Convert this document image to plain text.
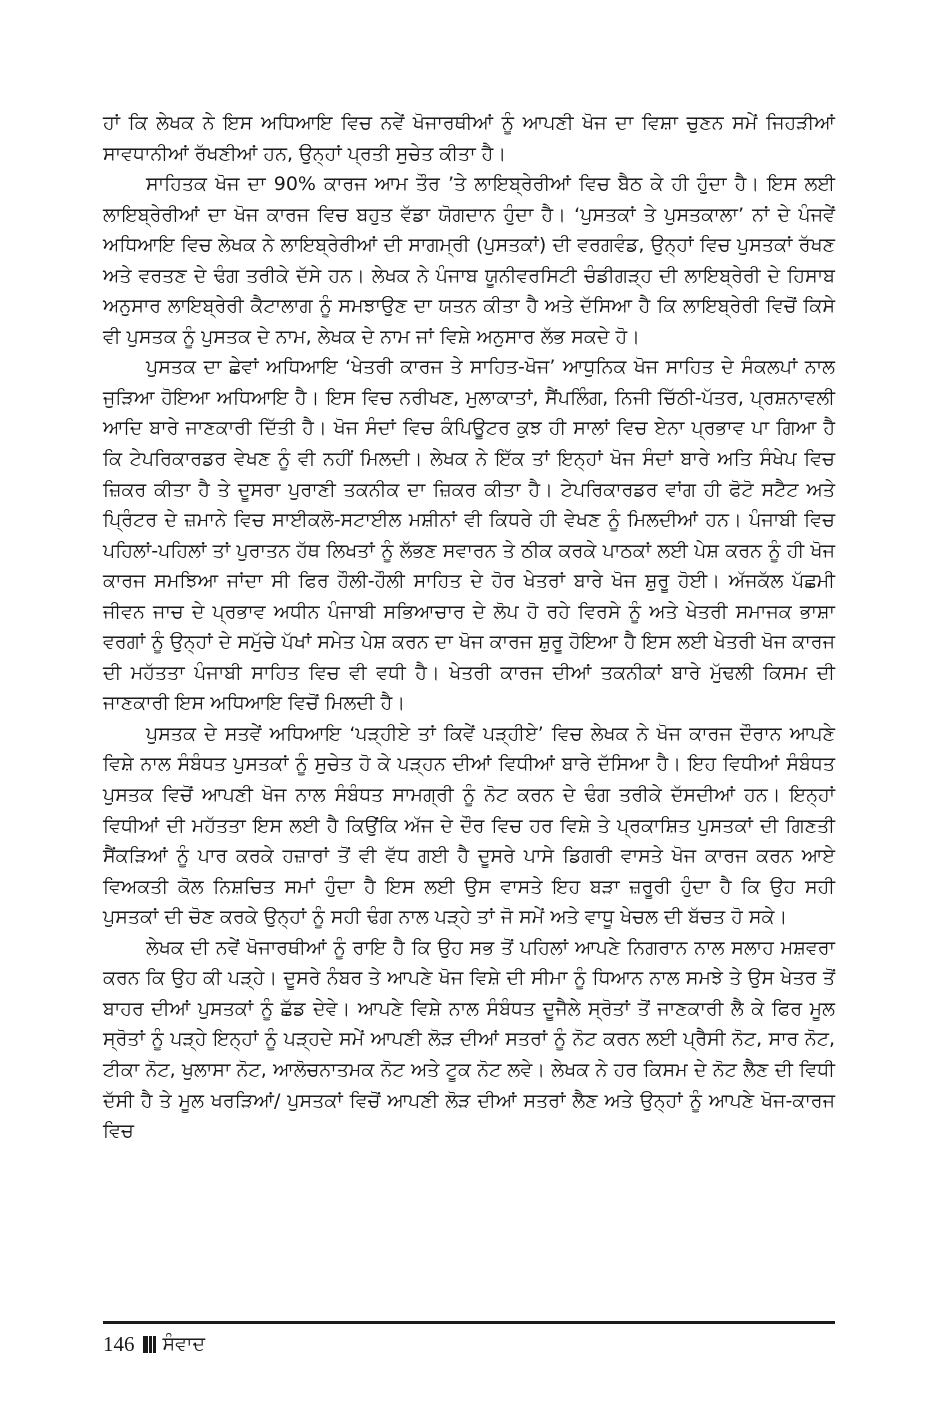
ਹਾਂ ਕਿ ਲੇਖਕ ਨੇ ਇਸ ਅਧਿਆਇ ਵਿਚ ਨਵੇਂ ਖੋਜਾਰਥੀਆਂ ਨੂੰ ਆਪਣੀ ਖੋਜ ਦਾ ਵਿਸ਼ਾ ਚੁਣਨ ਸਮੇਂ ਜਿਹੜੀਆਂ ਸਾਵਧਾਨੀਆਂ ਰੱਖਣੀਆਂ ਹਨ, ਉਨ੍ਹਾਂ ਪ੍ਰਤੀ ਸੁਚੇਤ ਕੀਤਾ ਹੈ।

ਸਾਹਿਤਕ ਖੋਜ ਦਾ 90% ਕਾਰਜ ਆਮ ਤੌਰ ’ਤੇ ਲਾਇਬ੍ਰੇਰੀਆਂ ਵਿਚ ਬੈਠ ਕੇ ਹੀ ਹੁੰਦਾ ਹੈ। ਇਸ ਲਈ ਲਾਇਬ੍ਰੇਰੀਆਂ ਦਾ ਖੋਜ ਕਾਰਜ ਵਿਚ ਬਹੁਤ ਵੱਡਾ ਯੋਗਦਾਨ ਹੁੰਦਾ ਹੈ। ‘ਪੁਸਤਕਾਂ ਤੇ ਪੁਸਤਕਾਲਾ’ ਨਾਂ ਦੇ ਪੰਜਵੇਂ ਅਧਿਆਇ ਵਿਚ ਲੇਖਕ ਨੇ ਲਾਇਬ੍ਰੇਰੀਆਂ ਦੀ ਸਾਗਮ੍ਰੀ (ਪੁਸਤਕਾਂ) ਦੀ ਵਰਗਵੰਡ, ਉਨ੍ਹਾਂ ਵਿਚ ਪੁਸਤਕਾਂ ਰੱਖਣ ਅਤੇ ਵਰਤਣ ਦੇ ਢੰਗ ਤਰੀਕੇ ਦੱਸੇ ਹਨ। ਲੇਖਕ ਨੇ ਪੰਜਾਬ ਯੂਨੀਵਰਸਿਟੀ ਚੰਡੀਗੜ੍ਹ ਦੀ ਲਾਇਬ੍ਰੇਰੀ ਦੇ ਹਿਸਾਬ ਅਨੁਸਾਰ ਲਾਇਬ੍ਰੇਰੀ ਕੈਟਾਲਾਗ ਨੂੰ ਸਮਝਾਉਣ ਦਾ ਯਤਨ ਕੀਤਾ ਹੈ ਅਤੇ ਦੱਸਿਆ ਹੈ ਕਿ ਲਾਇਬ੍ਰੇਰੀ ਵਿਚੋਂ ਕਿਸੇ ਵੀ ਪੁਸਤਕ ਨੂੰ ਪੁਸਤਕ ਦੇ ਨਾਮ, ਲੇਖਕ ਦੇ ਨਾਮ ਜਾਂ ਵਿਸ਼ੇ ਅਨੁਸਾਰ ਲੱਭ ਸਕਦੇ ਹੋ।

ਪੁਸਤਕ ਦਾ ਛੇਵਾਂ ਅਧਿਆਇ ‘ਖੇਤਰੀ ਕਾਰਜ ਤੇ ਸਾਹਿਤ-ਖੋਜ’ ਆਧੁਨਿਕ ਖੋਜ ਸਾਹਿਤ ਦੇ ਸੰਕਲਪਾਂ ਨਾਲ ਜੁੜਿਆ ਹੋਇਆ ਅਧਿਆਇ ਹੈ। ਇਸ ਵਿਚ ਨਰੀਖਣ, ਮੁਲਾਕਾਤਾਂ, ਸੈਂਪਲਿੰਗ, ਨਿਜੀ ਚਿੱਠੀ-ਪੱਤਰ, ਪ੍ਰਸ਼ਨਾਵਲੀ ਆਦਿ ਬਾਰੇ ਜਾਣਕਾਰੀ ਦਿੱਤੀ ਹੈ। ਖੋਜ ਸੰਦਾਂ ਵਿਚ ਕੰਪਿਊਟਰ ਕੁਝ ਹੀ ਸਾਲਾਂ ਵਿਚ ਏਨਾ ਪ੍ਰਭਾਵ ਪਾ ਗਿਆ ਹੈ ਕਿ ਟੇਪਰਿਕਾਰਡਰ ਵੇਖਣ ਨੂੰ ਵੀ ਨਹੀਂ ਮਿਲਦੀ। ਲੇਖਕ ਨੇ ਇੱਕ ਤਾਂ ਇਨ੍ਹਾਂ ਖੋਜ ਸੰਦਾਂ ਬਾਰੇ ਅਤਿ ਸੰਖੇਪ ਵਿਚ ਜ਼ਿਕਰ ਕੀਤਾ ਹੈ ਤੇ ਦੂਸਰਾ ਪੁਰਾਣੀ ਤਕਨੀਕ ਦਾ ਜ਼ਿਕਰ ਕੀਤਾ ਹੈ। ਟੇਪਰਿਕਾਰਡਰ ਵਾਂਗ ਹੀ ਫੋਟੋ ਸਟੈਟ ਅਤੇ ਪ੍ਰਿੰਟਰ ਦੇ ਜ਼ਮਾਨੇ ਵਿਚ ਸਾਈਕਲੋ-ਸਟਾਈਲ ਮਸ਼ੀਨਾਂ ਵੀ ਕਿਧਰੇ ਹੀ ਵੇਖਣ ਨੂੰ ਮਿਲਦੀਆਂ ਹਨ। ਪੰਜਾਬੀ ਵਿਚ ਪਹਿਲਾਂ-ਪਹਿਲਾਂ ਤਾਂ ਪੁਰਾਤਨ ਹੱਥ ਲਿਖਤਾਂ ਨੂੰ ਲੱਭਣ ਸਵਾਰਨ ਤੇ ਠੀਕ ਕਰਕੇ ਪਾਠਕਾਂ ਲਈ ਪੇਸ਼ ਕਰਨ ਨੂੰ ਹੀ ਖੋਜ ਕਾਰਜ ਸਮਝਿਆ ਜਾਂਦਾ ਸੀ ਫਿਰ ਹੌਲੀ-ਹੌਲੀ ਸਾਹਿਤ ਦੇ ਹੋਰ ਖੇਤਰਾਂ ਬਾਰੇ ਖੋਜ ਸ਼ੁਰੂ ਹੋਈ। ਅੱਜਕੱਲ ਪੱਛਮੀ ਜੀਵਨ ਜਾਚ ਦੇ ਪ੍ਰਭਾਵ ਅਧੀਨ ਪੰਜਾਬੀ ਸਭਿਆਚਾਰ ਦੇ ਲੋਪ ਹੋ ਰਹੇ ਵਿਰਸੇ ਨੂੰ ਅਤੇ ਖੇਤਰੀ ਸਮਾਜਕ ਭਾਸ਼ਾ ਵਰਗਾਂ ਨੂੰ ਉਨ੍ਹਾਂ ਦੇ ਸਮੁੱਚੇ ਪੱਖਾਂ ਸਮੇਤ ਪੇਸ਼ ਕਰਨ ਦਾ ਖੋਜ ਕਾਰਜ ਸ਼ੁਰੂ ਹੋਇਆ ਹੈ ਇਸ ਲਈ ਖੇਤਰੀ ਖੋਜ ਕਾਰਜ ਦੀ ਮਹੱਤਤਾ ਪੰਜਾਬੀ ਸਾਹਿਤ ਵਿਚ ਵੀ ਵਧੀ ਹੈ। ਖੇਤਰੀ ਕਾਰਜ ਦੀਆਂ ਤਕਨੀਕਾਂ ਬਾਰੇ ਮੁੱਢਲੀ ਕਿਸਮ ਦੀ ਜਾਣਕਾਰੀ ਇਸ ਅਧਿਆਇ ਵਿਚੋਂ ਮਿਲਦੀ ਹੈ।

ਪੁਸਤਕ ਦੇ ਸਤਵੇਂ ਅਧਿਆਇ ‘ਪੜ੍ਹੀਏ ਤਾਂ ਕਿਵੇਂ ਪੜ੍ਹੀਏ’ ਵਿਚ ਲੇਖਕ ਨੇ ਖੋਜ ਕਾਰਜ ਦੌਰਾਨ ਆਪਣੇ ਵਿਸ਼ੇ ਨਾਲ ਸੰਬੰਧਤ ਪੁਸਤਕਾਂ ਨੂੰ ਸੁਚੇਤ ਹੋ ਕੇ ਪੜ੍ਹਨ ਦੀਆਂ ਵਿਧੀਆਂ ਬਾਰੇ ਦੱਸਿਆ ਹੈ। ਇਹ ਵਿਧੀਆਂ ਸੰਬੰਧਤ ਪੁਸਤਕ ਵਿਚੋਂ ਆਪਣੀ ਖੋਜ ਨਾਲ ਸੰਬੰਧਤ ਸਾਮਗ੍ਰੀ ਨੂੰ ਨੋਟ ਕਰਨ ਦੇ ਢੰਗ ਤਰੀਕੇ ਦੱਸਦੀਆਂ ਹਨ। ਇਨ੍ਹਾਂ ਵਿਧੀਆਂ ਦੀ ਮਹੱਤਤਾ ਇਸ ਲਈ ਹੈ ਕਿਉਂਕਿ ਅੱਜ ਦੇ ਦੌਰ ਵਿਚ ਹਰ ਵਿਸ਼ੇ ਤੇ ਪ੍ਰਕਾਸ਼ਿਤ ਪੁਸਤਕਾਂ ਦੀ ਗਿਣਤੀ ਸੈਂਕੜਿਆਂ ਨੂੰ ਪਾਰ ਕਰਕੇ ਹਜ਼ਾਰਾਂ ਤੋਂ ਵੀ ਵੱਧ ਗਈ ਹੈ ਦੂਸਰੇ ਪਾਸੇ ਡਿਗਰੀ ਵਾਸਤੇ ਖੋਜ ਕਾਰਜ ਕਰਨ ਆਏ ਵਿਅਕਤੀ ਕੋਲ ਨਿਸ਼ਚਿਤ ਸਮਾਂ ਹੁੰਦਾ ਹੈ ਇਸ ਲਈ ਉਸ ਵਾਸਤੇ ਇਹ ਬੜਾ ਜ਼ਰੂਰੀ ਹੁੰਦਾ ਹੈ ਕਿ ਉਹ ਸਹੀ ਪੁਸਤਕਾਂ ਦੀ ਚੋਣ ਕਰਕੇ ਉਨ੍ਹਾਂ ਨੂੰ ਸਹੀ ਢੰਗ ਨਾਲ ਪੜ੍ਹੇ ਤਾਂ ਜੋ ਸਮੇਂ ਅਤੇ ਵਾਧੂ ਖੇਚਲ ਦੀ ਬੱਚਤ ਹੋ ਸਕੇ।

ਲੇਖਕ ਦੀ ਨਵੇਂ ਖੋਜਾਰਥੀਆਂ ਨੂੰ ਰਾਇ ਹੈ ਕਿ ਉਹ ਸਭ ਤੋਂ ਪਹਿਲਾਂ ਆਪਣੇ ਨਿਗਰਾਨ ਨਾਲ ਸਲਾਹ ਮਸ਼ਵਰਾ ਕਰਨ ਕਿ ਉਹ ਕੀ ਪੜ੍ਹੇ। ਦੂਸਰੇ ਨੰਬਰ ਤੇ ਆਪਣੇ ਖੋਜ ਵਿਸ਼ੇ ਦੀ ਸੀਮਾ ਨੂੰ ਧਿਆਨ ਨਾਲ ਸਮਝੇ ਤੇ ਉਸ ਖੇਤਰ ਤੋਂ ਬਾਹਰ ਦੀਆਂ ਪੁਸਤਕਾਂ ਨੂੰ ਛੱਡ ਦੇਵੇ। ਆਪਣੇ ਵਿਸ਼ੇ ਨਾਲ ਸੰਬੰਧਤ ਦੂਜੈਲੇ ਸ੍ਰੋਤਾਂ ਤੋਂ ਜਾਣਕਾਰੀ ਲੈ ਕੇ ਫਿਰ ਮੂਲ ਸ੍ਰੋਤਾਂ ਨੂੰ ਪੜ੍ਹੇ ਇਨ੍ਹਾਂ ਨੂੰ ਪੜ੍ਹਦੇ ਸਮੇਂ ਆਪਣੀ ਲੋੜ ਦੀਆਂ ਸਤਰਾਂ ਨੂੰ ਨੋਟ ਕਰਨ ਲਈ ਪ੍ਰੈਸੀ ਨੋਟ, ਸਾਰ ਨੋਟ, ਟੀਕਾ ਨੋਟ, ਖੁਲਾਸਾ ਨੋਟ, ਆਲੋਚਨਾਤਮਕ ਨੋਟ ਅਤੇ ਟੂਕ ਨੋਟ ਲਵੇ। ਲੇਖਕ ਨੇ ਹਰ ਕਿਸਮ ਦੇ ਨੋਟ ਲੈਣ ਦੀ ਵਿਧੀ ਦੱਸੀ ਹੈ ਤੇ ਮੂਲ ਖਰੜਿਆਂ/ ਪੁਸਤਕਾਂ ਵਿਚੋਂ ਆਪਣੀ ਲੋੜ ਦੀਆਂ ਸਤਰਾਂ ਲੈਣ ਅਤੇ ਉਨ੍ਹਾਂ ਨੂੰ ਆਪਣੇ ਖੋਜ-ਕਾਰਜ ਵਿਚ

146 ਸੰਵਾਦ
